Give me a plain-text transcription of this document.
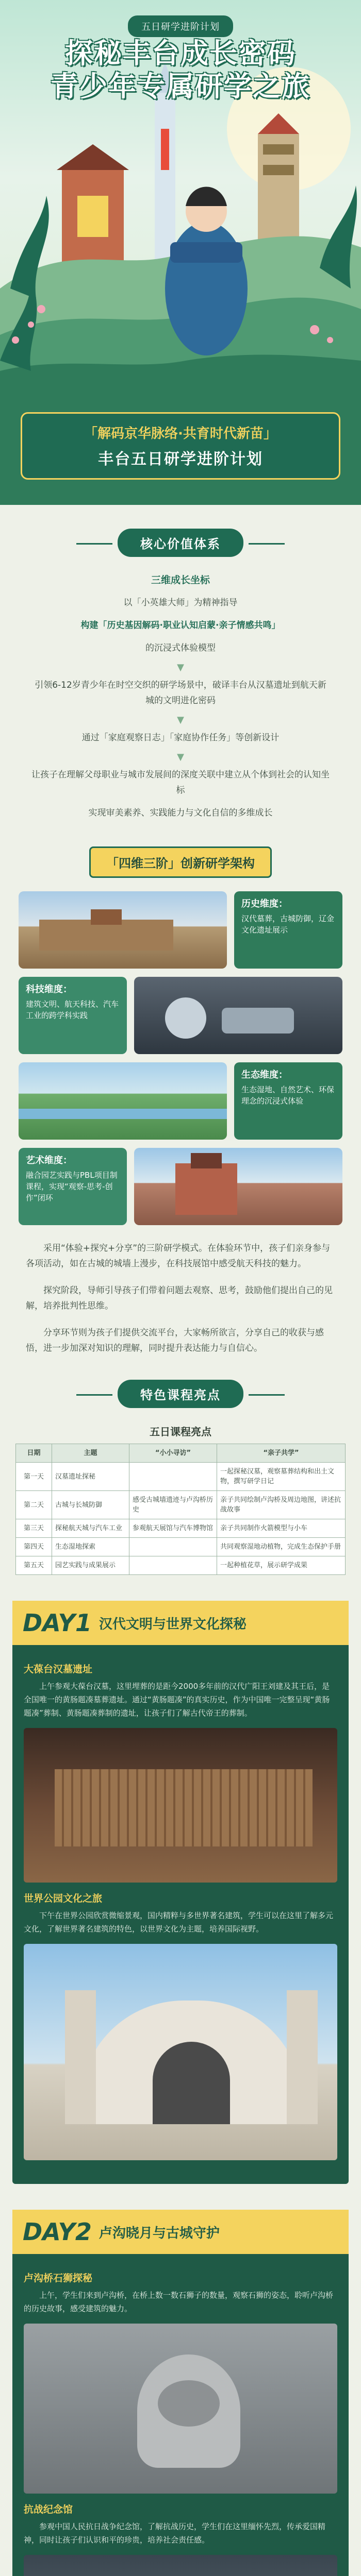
五日研学进阶计划
探秘丰台成长密码
青少年专属研学之旅
「解码京华脉络·共育时代新苗」
丰台五日研学进阶计划
核心价值体系

三维成长坐标

以「小英雄大师」为精神指导

构建「历史基因解码·职业认知启蒙·亲子情感共鸣」

的沉浸式体验模型

▼

引领6-12岁青少年在时空交织的研学场景中，破译丰台从汉墓遗址到航天新城的文明进化密码

▼

通过「家庭观察日志」「家庭协作任务」等创新设计

▼

让孩子在理解父母职业与城市发展间的深度关联中建立从个体到社会的认知坐标

实现审美素养、实践能力与文化自信的多维成长

「四维三阶」创新研学架构
历史维度：
汉代墓葬，古城防御，辽金文化遗址展示
科技维度：
建筑文明、航天科技、汽车工业的跨学科实践
生态维度：
生态湿地、自然艺术、环保理念的沉浸式体验
艺术维度：
融合园艺实践与PBL项目制课程，实现“观察-思考-创作”闭环

采用“体验+探究+分享”的三阶研学模式。在体验环节中，孩子们亲身参与各项活动，如在古城的城墙上漫步，在科技展馆中感受航天科技的魅力。

探究阶段，导师引导孩子们带着问题去观察、思考，鼓励他们提出自己的见解，培养批判性思维。

分享环节则为孩子们提供交流平台，大家畅所欲言，分享自己的收获与感悟，进一步加深对知识的理解，同时提升表达能力与自信心。

特色课程亮点
五日课程亮点
日期	主题	“小小寻访”	“亲子共学”
第一天	汉墓遗址探秘		一起探秘汉墓，观察墓葬结构和出土文物，撰写研学日记
第二天	古城与长城防御	感受古城墙遗迹与卢沟桥历史	亲子共同绘制卢沟桥及周边地图，讲述抗战故事
第三天	探秘航天城与汽车工业	参观航天展馆与汽车博物馆	亲子共同制作火箭模型与小车
第四天	生态湿地探索		共同观察湿地动植物，完成生态保护手册
第五天	园艺实践与成果展示		一起种植花草，展示研学成果
DAY1 汉代文明与世界文化探秘
大葆台汉墓遗址

上午参观大葆台汉墓，这里埋葬的是距今2000多年前的汉代广阳王刘建及其王后，是全国唯一的黄肠题凑墓葬遗址。通过“黄肠题凑”的真实历史，作为中国唯一完整呈现“黄肠题凑”葬制、黄肠题凑葬制的遗址，让孩子们了解古代帝王的葬制。

世界公园文化之旅

下午在世界公园欣赏微缩景观，国内精粹与多世界著名建筑，学生可以在这里了解多元文化，了解世界著名建筑的特色，以世界文化为主题，培养国际视野。

DAY2 卢沟晓月与古城守护
卢沟桥石狮探秘

上午，学生们来到卢沟桥，在桥上数一数石狮子的数量，观察石狮的姿态，聆听卢沟桥的历史故事，感受建筑的魅力。

抗战纪念馆

参观中国人民抗日战争纪念馆，了解抗战历史，学生们在这里缅怀先烈，传承爱国精神，同时让孩子们认识和平的珍贵，培养社会责任感。
